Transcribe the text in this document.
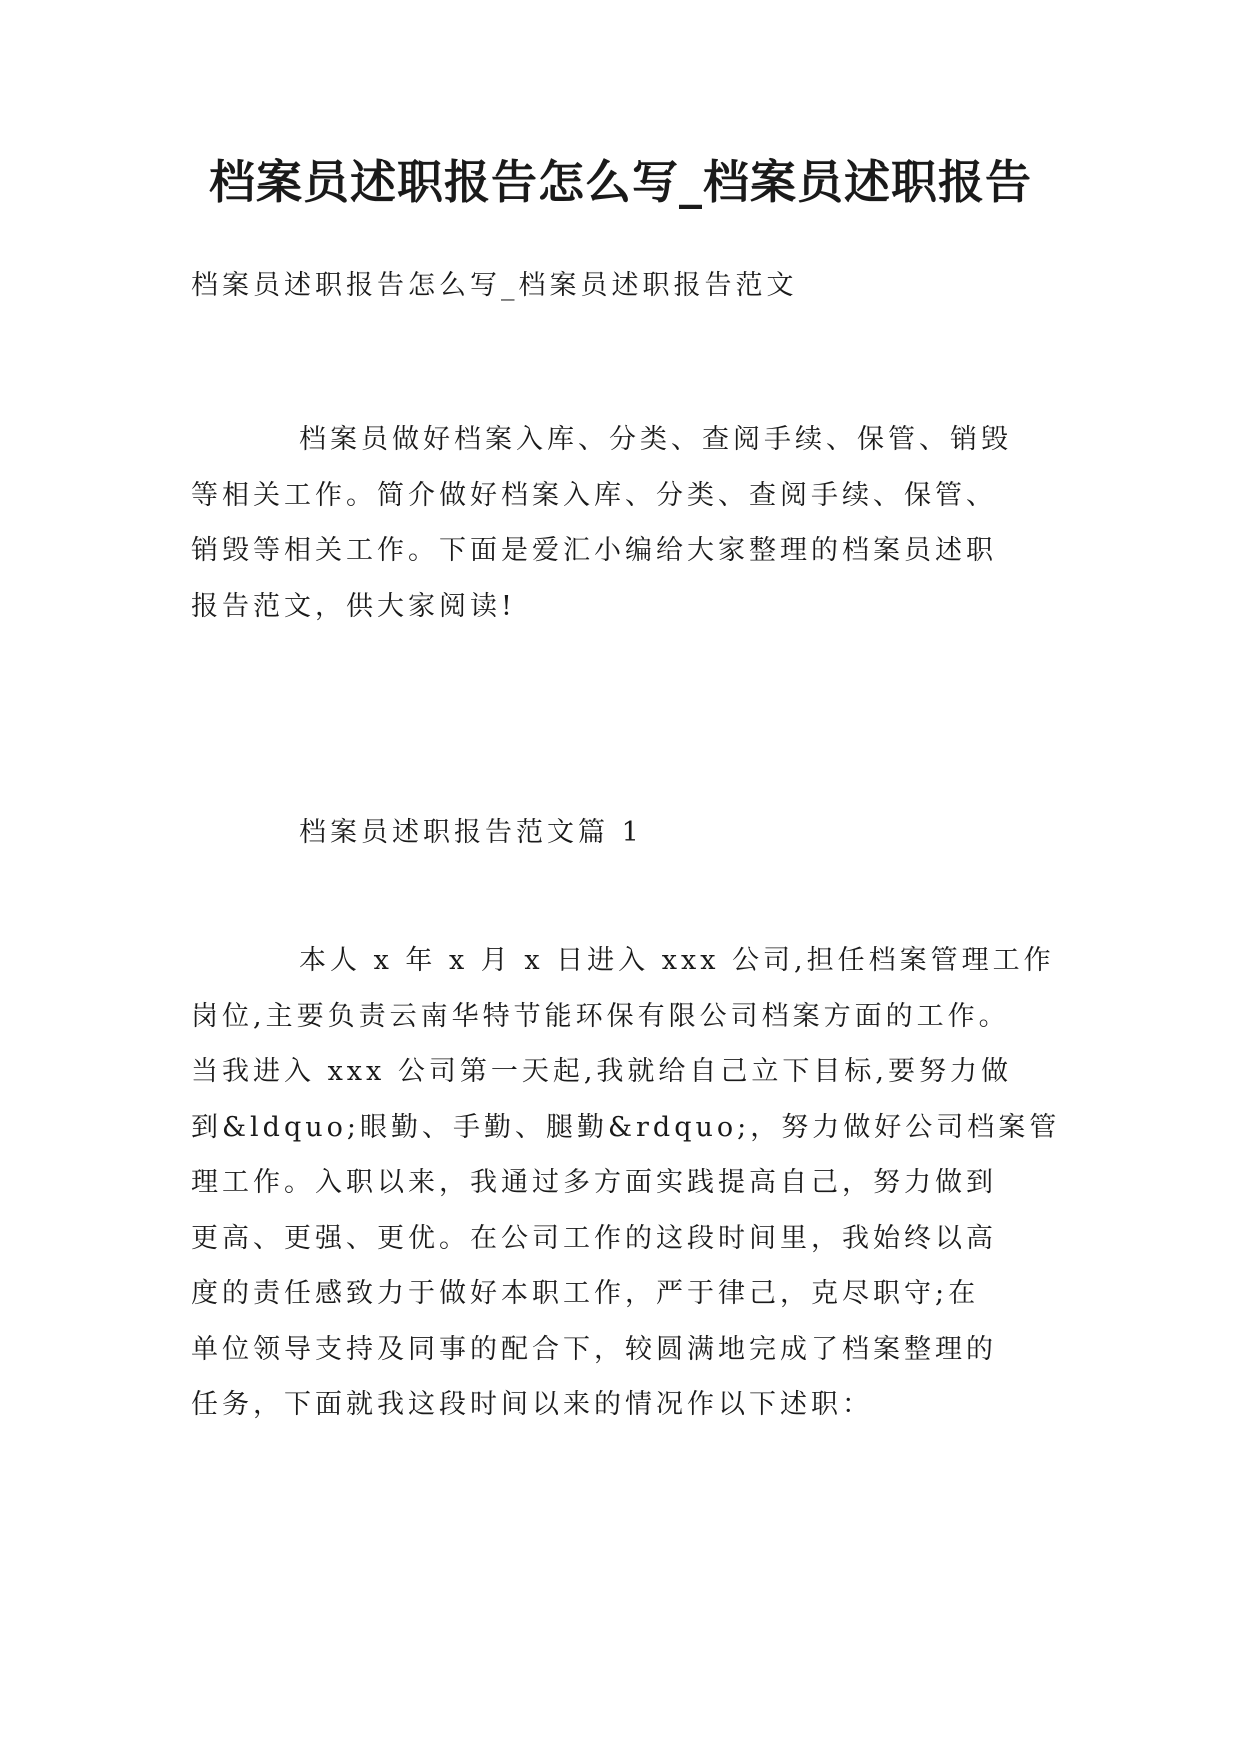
档案员述职报告怎么写_档案员述职报告
档案员述职报告怎么写_档案员述职报告范文
档案员做好档案入库、分类、查阅手续、保管、销毁
等相关工作。简介做好档案入库、分类、查阅手续、保管、
销毁等相关工作。下面是爱汇小编给大家整理的档案员述职
报告范文，供大家阅读!
档案员述职报告范文篇 1
本人 x 年 x 月 x 日进入 xxx 公司,担任档案管理工作
岗位,主要负责云南华特节能环保有限公司档案方面的工作。
当我进入 xxx 公司第一天起,我就给自己立下目标,要努力做
到&ldquo;眼勤、手勤、腿勤&rdquo;，努力做好公司档案管
理工作。入职以来，我通过多方面实践提高自己，努力做到
更高、更强、更优。在公司工作的这段时间里，我始终以高
度的责任感致力于做好本职工作，严于律己，克尽职守;在
单位领导支持及同事的配合下，较圆满地完成了档案整理的
任务，下面就我这段时间以来的情况作以下述职：
